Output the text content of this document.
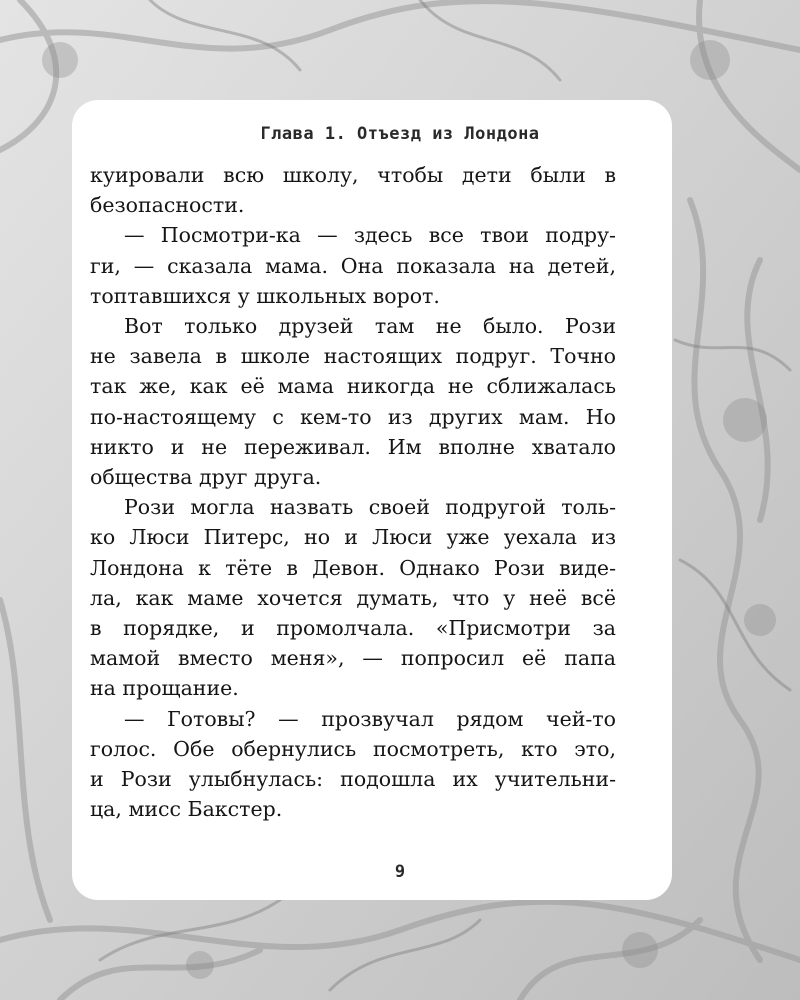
Глава 1. Отъезд из Лондона

куировали всю школу, чтобы дети были в
безопасности.

— Посмотри-ка — здесь все твои подру-
ги, — сказала мама. Она показала на детей,
топтавшихся у школьных ворот.

Вот только друзей там не было. Рози
не завела в школе настоящих подруг. Точно
так же, как её мама никогда не сближалась
по-настоящему с кем-то из других мам. Но
никто и не переживал. Им вполне хватало
общества друг друга.

Рози могла назвать своей подругой толь-
ко Люси Питерс, но и Люси уже уехала из
Лондона к тёте в Девон. Однако Рози виде-
ла, как маме хочется думать, что у неё всё
в порядке, и промолчала. «Присмотри за
мамой вместо меня», — попросил её папа
на прощание.

— Готовы? — прозвучал рядом чей-то
голос. Обе обернулись посмотреть, кто это,
и Рози улыбнулась: подошла их учительни-
ца, мисс Бакстер.

9
